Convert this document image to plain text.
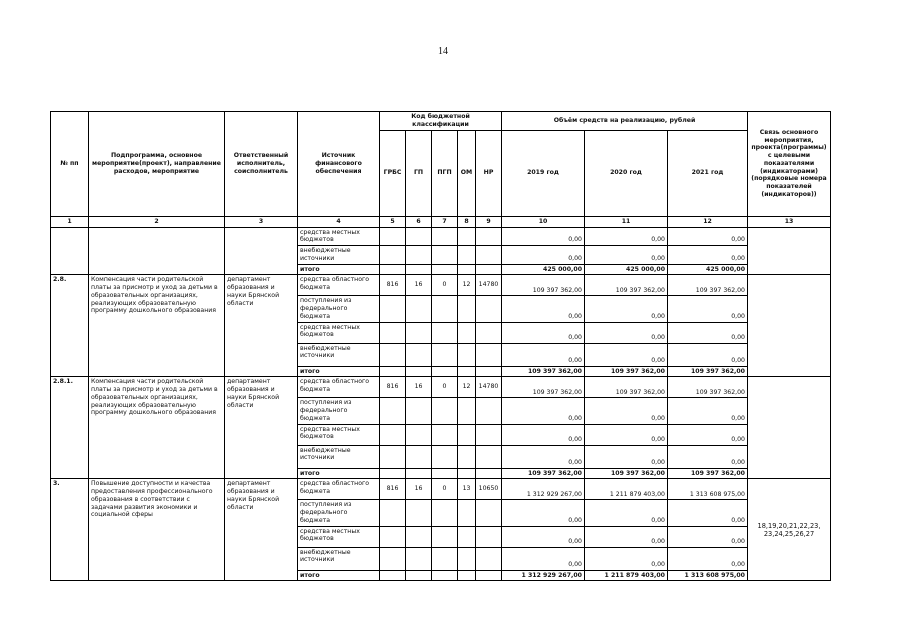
14
№ пп	Подпрограмма, основное мероприятие(проект), направление расходов, мероприятие	Ответственный исполнитель, соисполнитель	Источник финансового обеспечения	Код бюджетной классификации					Объём средств на реализацию, рублей			Связь основного мероприятия, проекта(программы) с целевыми показателями (индикаторами) (порядковые номера показателей (индикаторов))
				ГРБС	ГП	ПГП	ОМ	НР	2019 год	2020 год	2021 год	
1	2	3	4	5	6	7	8	9	10	11	12	13
			средства местных бюджетов						0,00	0,00	0,00	
			внебюджетные источники						0,00	0,00	0,00	
			итого						425 000,00	425 000,00	425 000,00	
2.8.	Компенсация части родительской платы за присмотр и уход за детьми в образовательных организациях, реализующих образовательную программу дошкольного образования	департамент образования и науки Брянской области	средства областного бюджета	816	16	0	12	14780	109 397 362,00	109 397 362,00	109 397 362,00	
			поступления из федерального бюджета						0,00	0,00	0,00	
			средства местных бюджетов						0,00	0,00	0,00	
			внебюджетные источники						0,00	0,00	0,00	
			итого						109 397 362,00	109 397 362,00	109 397 362,00	
2.8.1.	Компенсация части родительской платы за присмотр и уход за детьми в образовательных организациях, реализующих образовательную программу дошкольного образования	департамент образования и науки Брянской области	средства областного бюджета	816	16	0	12	14780	109 397 362,00	109 397 362,00	109 397 362,00	
			поступления из федерального бюджета						0,00	0,00	0,00	
			средства местных бюджетов						0,00	0,00	0,00	
			внебюджетные источники						0,00	0,00	0,00	
			итого						109 397 362,00	109 397 362,00	109 397 362,00	
3.	Повышение доступности и качества предоставления профессионального образования в соответствии с задачами развития экономики и социальной сферы	департамент образования и науки Брянской области	средства областного бюджета	816	16	0	13	10650	1 312 929 267,00	1 211 879 403,00	1 313 608 975,00	18,19,20,21,22,23, 23,24,25,26,27
			поступления из федерального бюджета						0,00	0,00	0,00	
			средства местных бюджетов						0,00	0,00	0,00	
			внебюджетные источники						0,00	0,00	0,00	
			итого						1 312 929 267,00	1 211 879 403,00	1 313 608 975,00	
